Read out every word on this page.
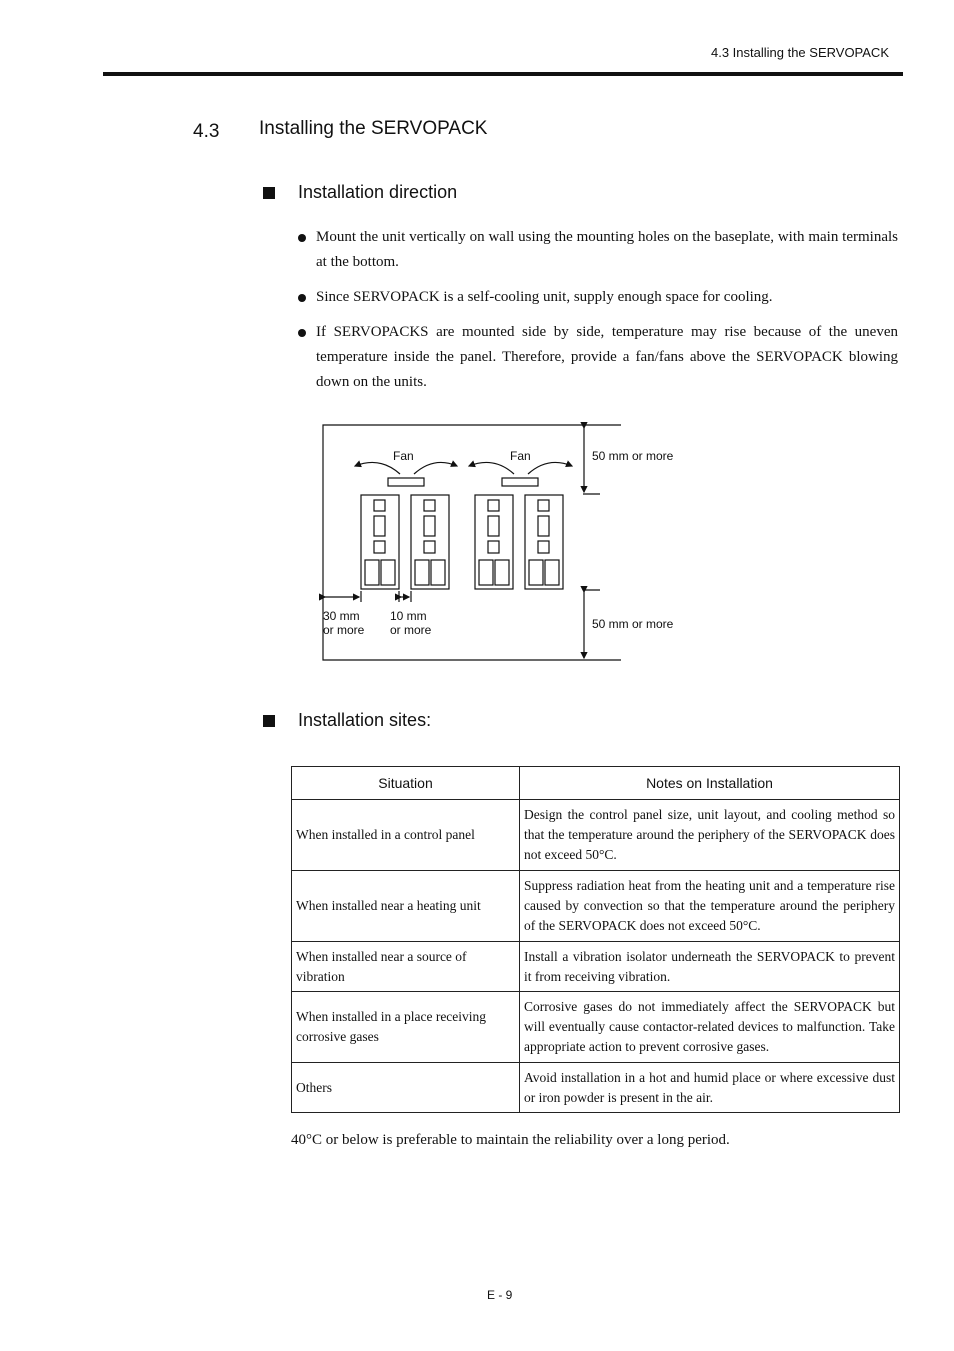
4.3 Installing the SERVOPACK
4.3 Installing the SERVOPACK
Installation direction
Mount the unit vertically on wall using the mounting holes on the baseplate, with main terminals at the bottom.
Since SERVOPACK is a self-cooling unit, supply enough space for cooling.
If SERVOPACKS are mounted side by side, temperature may rise because of the uneven temperature inside the panel. Therefore, provide a fan/fans above the SERVOPACK blowing down on the units.
Fan	Fan	50 mm or more
50 mm or more
30 mm
or more
10 mm
or more
Installation sites:
Situation	Notes on Installation
When installed in a control panel	Design the control panel size, unit layout, and cooling method so that the temperature around the periphery of the SERVOPACK does not exceed 50°C.
When installed near a heating unit	Suppress radiation heat from the heating unit and a temperature rise caused by convection so that the temperature around the periphery of the SERVOPACK does not exceed 50°C.
When installed near a source of vibration	Install a vibration isolator underneath the SERVOPACK to prevent it from receiving vibration.
When installed in a place receiving corrosive gases	Corrosive gases do not immediately affect the SERVOPACK but will eventually cause contactor-related devices to malfunction. Take appropriate action to prevent corrosive gases.
Others	Avoid installation in a hot and humid place or where excessive dust or iron powder is present in the air.
40°C or below is preferable to maintain the reliability over a long period.
E - 9
